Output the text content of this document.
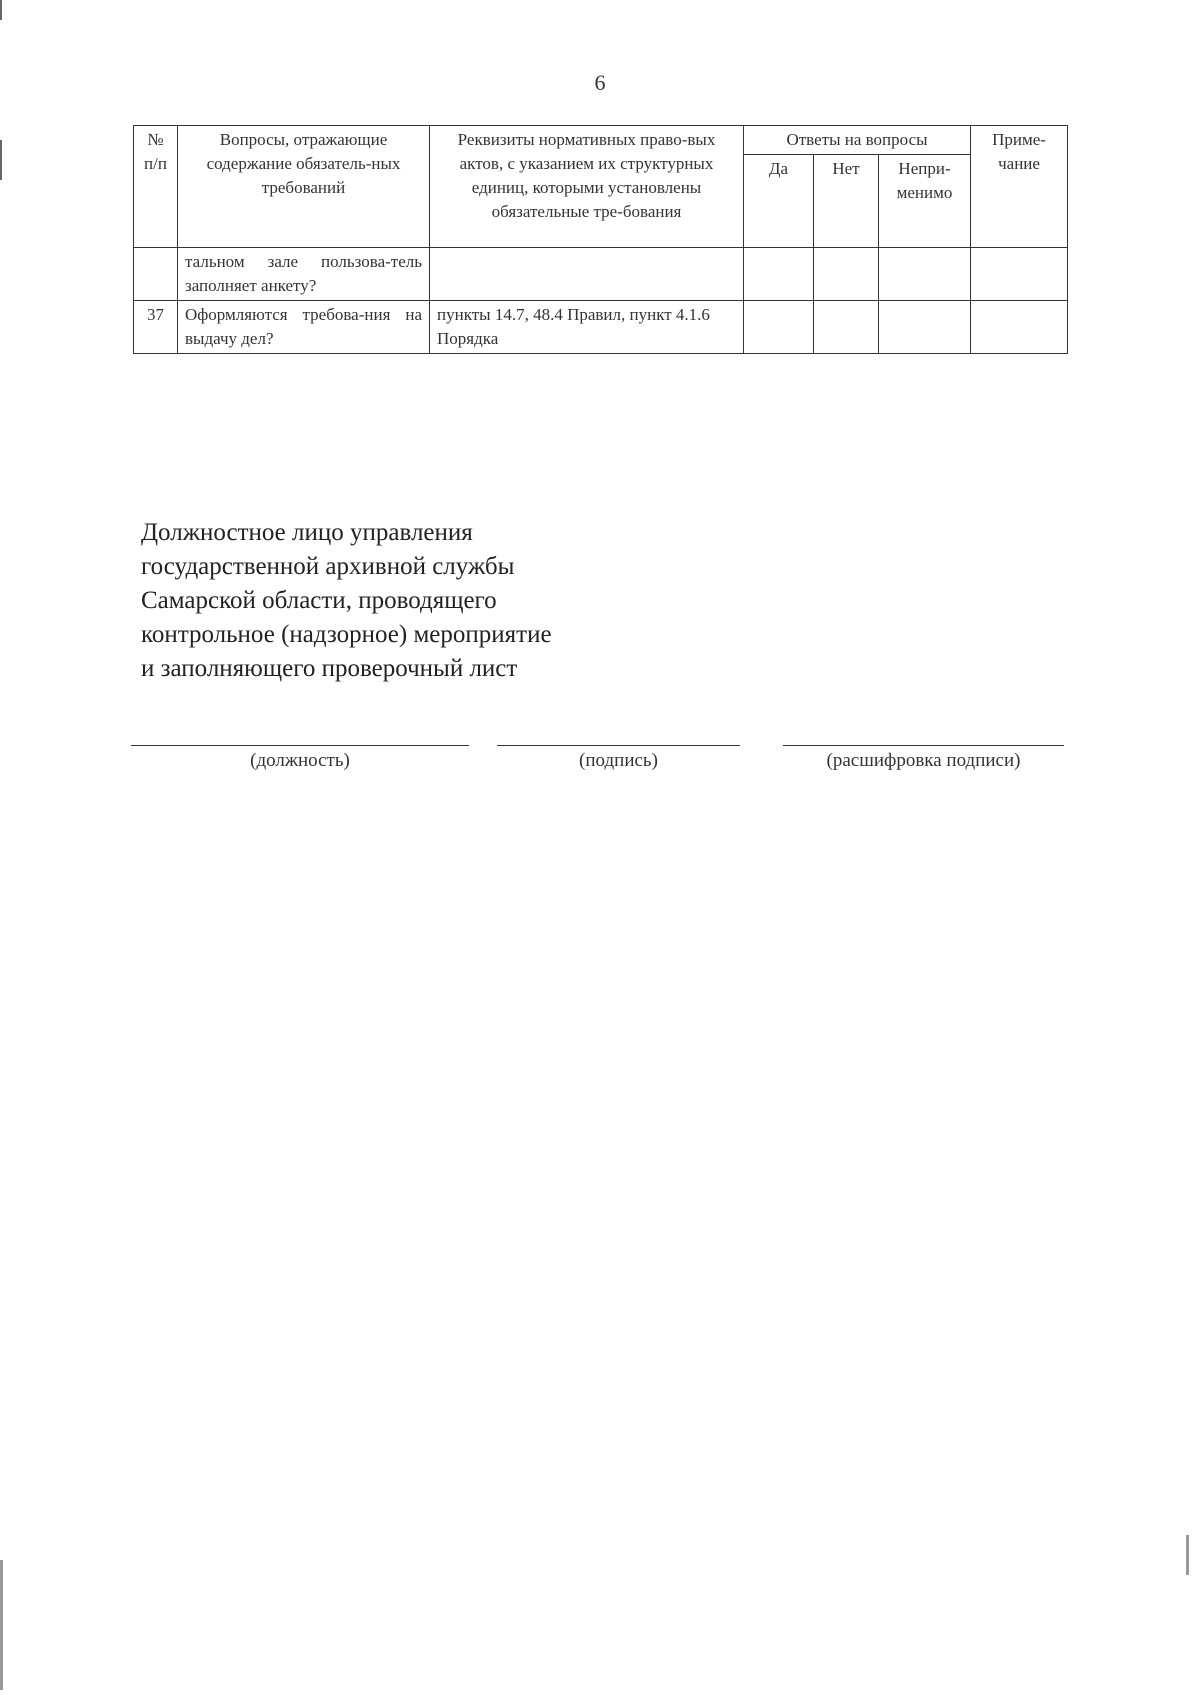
6
№ п/п	Вопросы, отражающие содержание обязатель-ных требований	Реквизиты нормативных право-вых актов, с указанием их структурных единиц, которыми установлены обязательные тре-бования	Ответы на вопросы			Приме-чание
			Да	Нет	Непри-менимо	
	тальном зале пользова-тель заполняет анкету?					
37	Оформляются требова-ния на выдачу дел?	пункты 14.7, 48.4 Правил, пункт 4.1.6 Порядка				
Должностное лицо управления
государственной архивной службы
Самарской области, проводящего
контрольное (надзорное) мероприятие
и заполняющего проверочный лист
(должность)	(подпись)	(расшифровка подписи)
